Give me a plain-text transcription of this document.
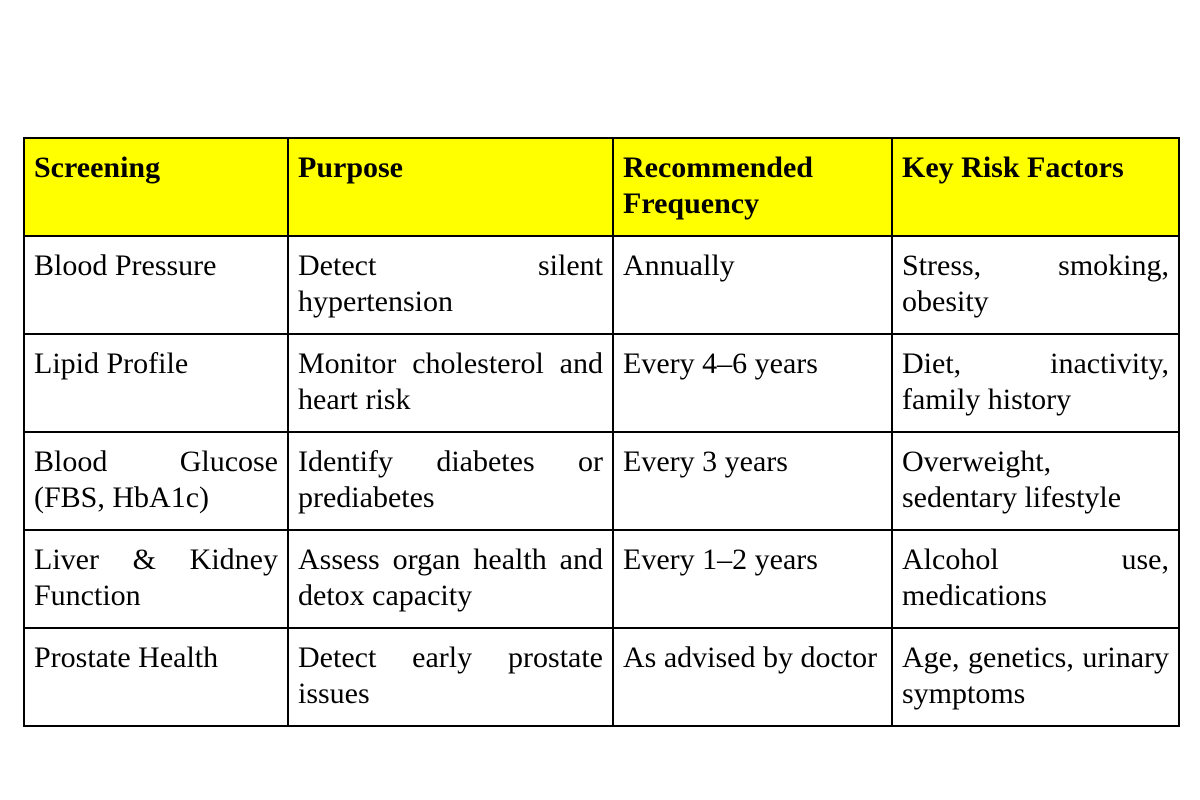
Screening	Purpose	Recommended Frequency	Key Risk Factors
Blood Pressure	Detect silent hypertension	Annually	Stress, smoking, obesity
Lipid Profile	Monitor cholesterol and heart risk	Every 4–6 years	Diet, inactivity, family history
Blood Glucose (FBS, HbA1c)	Identify diabetes or prediabetes	Every 3 years	Overweight, sedentary lifestyle
Liver & Kidney Function	Assess organ health and detox capacity	Every 1–2 years	Alcohol use, medications
Prostate Health	Detect early prostate issues	As advised by doctor	Age, genetics, urinary symptoms
